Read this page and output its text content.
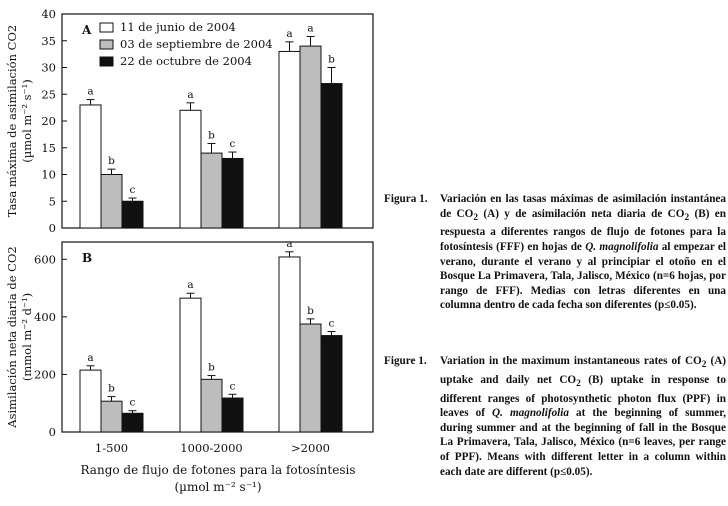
A
0
5
10
15
20
25
30
35
40
a	a
a
b
b
a
c
c
b
B
0
200
400
600
1-500	1000-2000	>2000
a
a
a
b
b
b
c
c
c
11 de junio de 2004
03 de septiembre de 2004
22 de octubre de 2004
Tasa máxima de asimilación CO2 (µmol m⁻² s⁻¹)
Asimilación neta diaria de CO2 (mmol m⁻² d⁻¹)
Rango de flujo de fotones para la fotosíntesis
(µmol m⁻² s⁻¹)
Figura 1.	Variación en las tasas máximas de asimilación instantánea de $CO_2$ (A) y de asimilación neta diaria de $CO_2$ (B) en respuesta a diferentes rangos de flujo de fotones para la fotosíntesis (FFF) en hojas de Q. magnolifolia al empezar el verano, durante el verano y al principiar el otoño en el Bosque La Primavera, Tala, Jalisco, México (n=6 hojas, por rango de FFF). Medias con letras diferentes en una columna dentro de cada fecha son diferentes (p≤0.05).
Figure 1.	Variation in the maximum instantaneous rates of $CO_2$ (A) uptake and daily net $CO_2$ (B) uptake in response to different ranges of photosynthetic photon flux (PPF) in leaves of Q. magnolifolia at the beginning of summer, during summer and at the beginning of fall in the Bosque La Primavera, Tala, Jalisco, México (n=6 leaves, per range of PPF). Means with different letter in a column within each date are different (p≤0.05).
